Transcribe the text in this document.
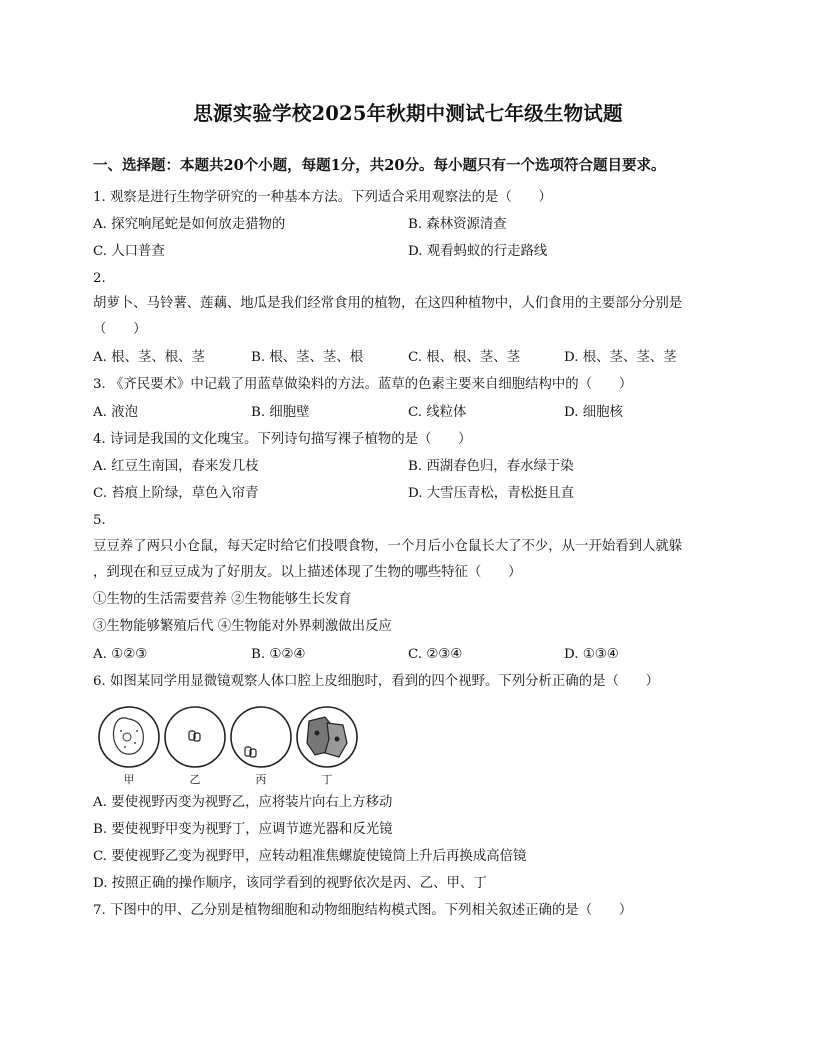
思源实验学校2025年秋期中测试七年级生物试题
一、选择题：本题共20个小题，每题1分，共20分。每小题只有一个选项符合题目要求。
1. 观察是进行生物学研究的一种基本方法。下列适合采用观察法的是（　　）
A. 探究响尾蛇是如何放走猎物的	B. 森林资源清查
C. 人口普查	D. 观看蚂蚁的行走路线
2.
胡萝卜、马铃薯、莲藕、地瓜是我们经常食用的植物，在这四种植物中，人们食用的主要部分分别是
（　　）
A. 根、茎、根、茎	B. 根、茎、茎、根	C. 根、根、茎、茎	D. 根、茎、茎、茎
3. 《齐民要术》中记载了用蓝草做染料的方法。蓝草的色素主要来自细胞结构中的（　　）
A. 液泡	B. 细胞壁	C. 线粒体	D. 细胞核
4. 诗词是我国的文化瑰宝。下列诗句描写裸子植物的是（　　）
A. 红豆生南国，春来发几枝	B. 西湖春色归，春水绿于染
C. 苔痕上阶绿，草色入帘青	D. 大雪压青松，青松挺且直
5.
豆豆养了两只小仓鼠，每天定时给它们投喂食物，一个月后小仓鼠长大了不少，从一开始看到人就躲
，到现在和豆豆成为了好朋友。以上描述体现了生物的哪些特征（　　）
①生物的生活需要营养 ②生物能够生长发育
③生物能够繁殖后代 ④生物能对外界刺激做出反应
A. ①②③	B. ①②④	C. ②③④	D. ①③④
6. 如图某同学用显微镜观察人体口腔上皮细胞时，看到的四个视野。下列分析正确的是（　　）
甲	乙	丙	丁
A. 要使视野丙变为视野乙，应将装片向右上方移动
B. 要使视野甲变为视野丁，应调节遮光器和反光镜
C. 要使视野乙变为视野甲，应转动粗准焦螺旋使镜筒上升后再换成高倍镜
D. 按照正确的操作顺序，该同学看到的视野依次是丙、乙、甲、丁
7. 下图中的甲、乙分别是植物细胞和动物细胞结构模式图。下列相关叙述正确的是（　　）
